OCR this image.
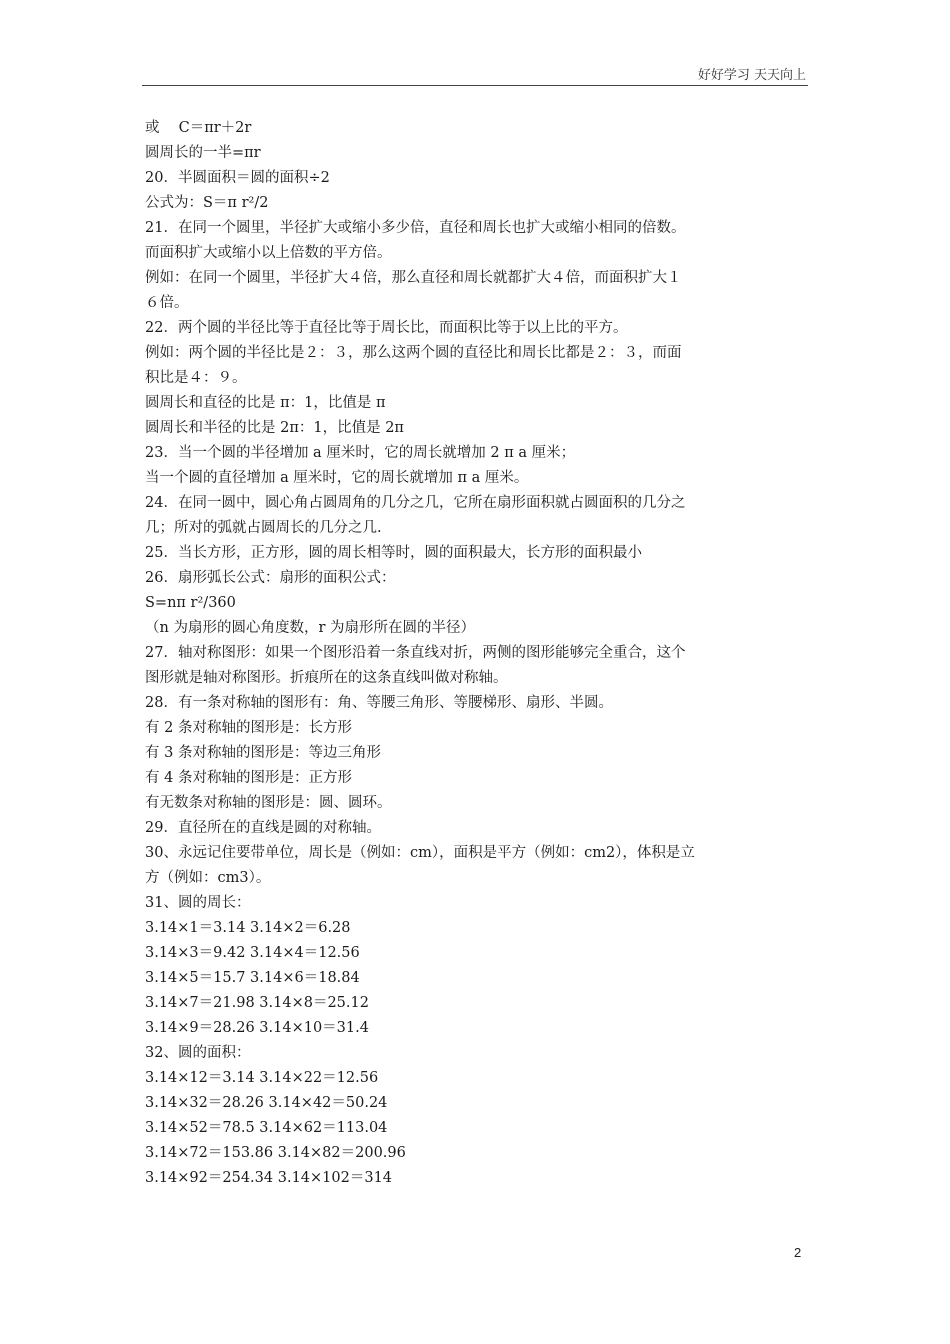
好好学习 天天向上
或　 C＝πr＋2r
圆周长的一半=πr
20．半圆面积＝圆的面积÷2
公式为：S＝π r²/2
21．在同一个圆里，半径扩大或缩小多少倍，直径和周长也扩大或缩小相同的倍数。
而面积扩大或缩小以上倍数的平方倍。
例如：在同一个圆里，半径扩大４倍，那么直径和周长就都扩大４倍，而面积扩大１
６倍。
22．两个圆的半径比等于直径比等于周长比，而面积比等于以上比的平方。
例如：两个圆的半径比是２：３，那么这两个圆的直径比和周长比都是２：３，而面
积比是４：９。
圆周长和直径的比是 π：1，比值是 π
圆周长和半径的比是 2π：1，比值是 2π
23．当一个圆的半径增加 a 厘米时，它的周长就增加 2 π a 厘米；
当一个圆的直径增加 a 厘米时，它的周长就增加 π a 厘米。
24．在同一圆中，圆心角占圆周角的几分之几，它所在扇形面积就占圆面积的几分之
几；所对的弧就占圆周长的几分之几.
25．当长方形，正方形，圆的周长相等时，圆的面积最大，长方形的面积最小
26．扇形弧长公式：扇形的面积公式：
S=nπ r²/360
（n 为扇形的圆心角度数，r 为扇形所在圆的半径）
27．轴对称图形：如果一个图形沿着一条直线对折，两侧的图形能够完全重合，这个
图形就是轴对称图形。折痕所在的这条直线叫做对称轴。
28．有一条对称轴的图形有：角、等腰三角形、等腰梯形、扇形、半圆。
有 2 条对称轴的图形是：长方形
有 3 条对称轴的图形是：等边三角形
有 4 条对称轴的图形是：正方形
有无数条对称轴的图形是：圆、圆环。
29．直径所在的直线是圆的对称轴。
30、永远记住要带单位，周长是（例如：cm），面积是平方（例如：cm2），体积是立
方（例如：cm3）。
31、圆的周长：
3.14×1＝3.14 3.14×2＝6.28
3.14×3＝9.42 3.14×4＝12.56
3.14×5＝15.7 3.14×6＝18.84
3.14×7＝21.98 3.14×8＝25.12
3.14×9＝28.26 3.14×10＝31.4
32、圆的面积：
3.14×12＝3.14 3.14×22＝12.56
3.14×32＝28.26 3.14×42＝50.24
3.14×52＝78.5 3.14×62＝113.04
3.14×72＝153.86 3.14×82＝200.96
3.14×92＝254.34 3.14×102＝314
2
